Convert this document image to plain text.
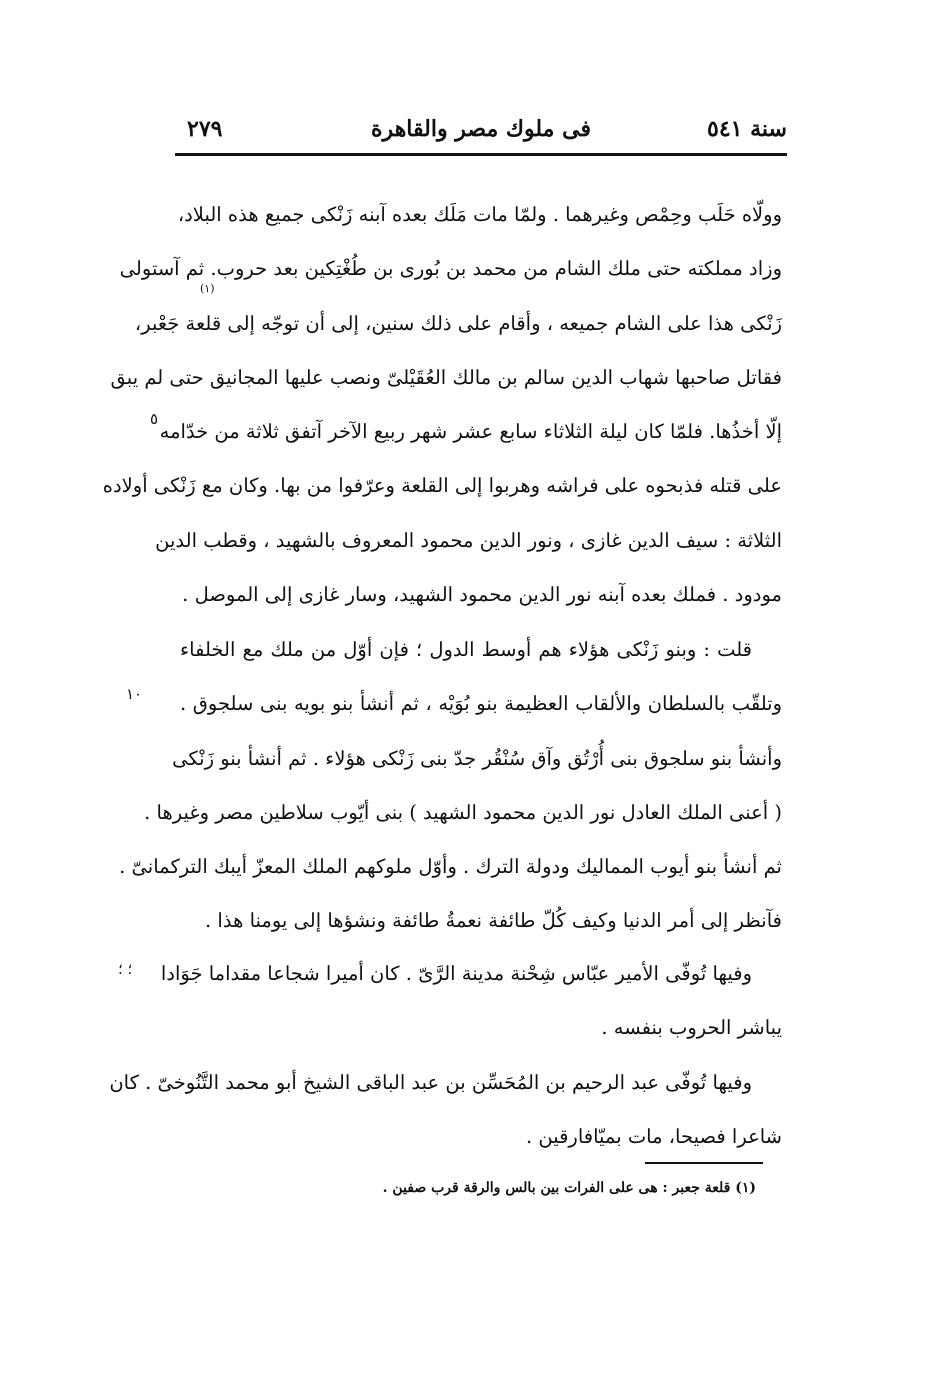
سنة ٥٤١
فى ملوك مصر والقاهرة
٢٧٩
(١)
وولّاه حَلَب وحِمْص وغيرهما . ولمّا مات مَلَك بعده آبنه زَنْكى جميع هذه البلاد،
وزاد مملكته حتى ملك الشام من محمد بن بُورى بن طُغْتِكين بعد حروب. ثم آستولى
زَنْكى هذا على الشام جميعه ، وأقام على ذلك سنين، إلى أن توجّه إلى قلعة جَعْبر،
فقاتل صاحبها شهاب الدين سالم بن مالك العُقَيْلىّ ونصب عليها المجانيق حتى لم يبق
إلّا أخذُها. فلمّا كان ليلة الثلاثاء سابع عشر شهر ربيع الآخر آتفق ثلاثة من خدّامه
على قتله فذبحوه على فراشه وهربوا إلى القلعة وعرّفوا من بها. وكان مع زَنْكى أولاده
الثلاثة : سيف الدين غازى ، ونور الدين محمود المعروف بالشهيد ، وقطب الدين
مودود . فملك بعده آبنه نور الدين محمود الشهيد، وسار غازى إلى الموصل .
قلت : وبنو زَنْكى هؤلاء هم أوسط الدول ؛ فإن أوّل من ملك مع الخلفاء
وتلقّب بالسلطان والألقاب العظيمة بنو بُوَيْه ، ثم أنشأ بنو بويه بنى سلجوق .
وأنشأ بنو سلجوق بنى أُرْتُق وآق سُنْقُر جدّ بنى زَنْكى هؤلاء . ثم أنشأ بنو زَنْكى
( أعنى الملك العادل نور الدين محمود الشهيد ) بنى أيّوب سلاطين مصر وغيرها .
ثم أنشأ بنو أيوب المماليك ودولة الترك . وأوّل ملوكهم الملك المعزّ أيبك التركمانىّ .
فآنظر إلى أمر الدنيا وكيف كُلّ طائفة نعمةُ طائفة ونشؤها إلى يومنا هذا .
وفيها تُوفّى الأمير عبّاس شِحْنة مدينة الرَّىّ . كان أميرا شجاعا مقداما جَوَادا
يباشر الحروب بنفسه .
وفيها تُوفّى عبد الرحيم بن المُحَسِّن بن عبد الباقى الشيخ أبو محمد التَّنُوخىّ . كان
شاعرا فصيحا، مات بميّافارقين .
٥
١٠
؛ ؛
(١) قلعة جعبر : هى على الفرات بين بالس والرقة قرب صفين .
